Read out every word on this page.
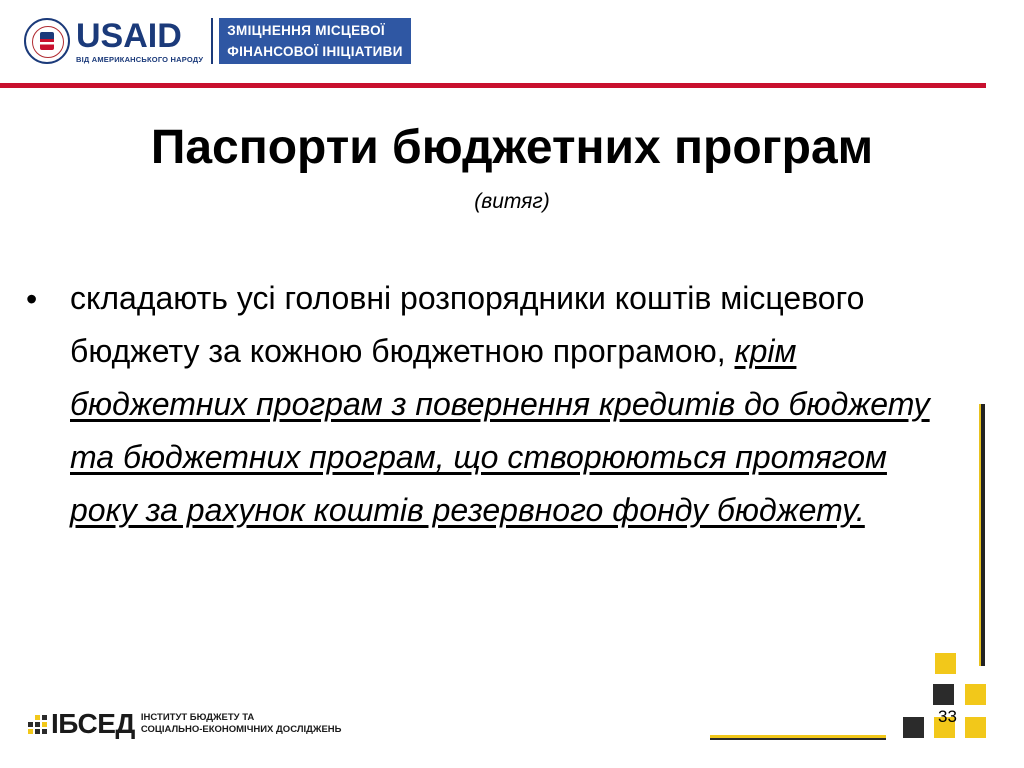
USAID
ВІД АМЕРИКАНСЬКОГО НАРОДУ
ЗМІЦНЕННЯ МІСЦЕВОЇ
ФІНАНСОВОЇ ІНІЦІАТИВИ
Паспорти бюджетних програм
(витяг)
• складають усі головні розпорядники коштів місцевого бюджету за кожною бюджетною програмою, крім бюджетних програм з повернення кредитів до бюджету та бюджетних програм, що створюються протягом року за рахунок коштів резервного фонду бюджету.

33
ІБСЕД ІНСТИТУТ БЮДЖЕТУ ТА
СОЦІАЛЬНО-ЕКОНОМІЧНИХ ДОСЛІДЖЕНЬ
